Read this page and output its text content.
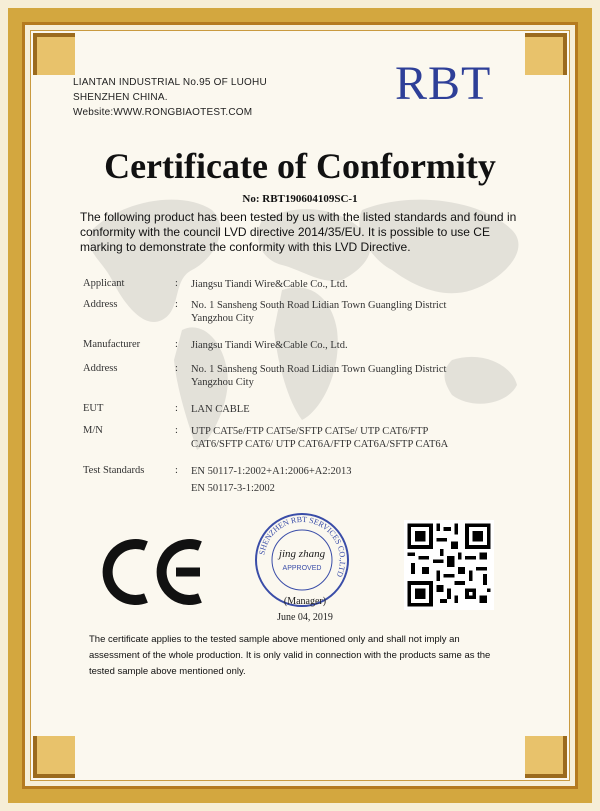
LIANTAN INDUSTRIAL No.95 OF LUOHU
SHENZHEN CHINA.
Website:WWW.RONGBIAOTEST.COM
RBT
Certificate of Conformity
No: RBT190604109SC-1
The following product has been tested by us with the listed standards and found in conformity with the council LVD directive 2014/35/EU. It is possible to use CE marking to demonstrate the conformity with this LVD Directive.
Applicant	: Jiangsu Tiandi Wire&Cable Co., Ltd.
Address	: No. 1 Sansheng South Road Lidian Town Guangling District
Yangzhou City
Manufacturer	: Jiangsu Tiandi Wire&Cable Co., Ltd.
Address	: No. 1 Sansheng South Road Lidian Town Guangling District
Yangzhou City
EUT	: LAN CABLE
M/N	: UTP CAT5e/FTP CAT5e/SFTP CAT5e/ UTP CAT6/FTP
CAT6/SFTP CAT6/ UTP CAT6A/FTP CAT6A/SFTP CAT6A
Test Standards	: EN 50117-1:2002+A1:2006+A2:2013
EN 50117-3-1:2002
SHENZHEN RBT SERVICES CO.,LTD
jing zhang
APPROVED
(Manager)
June 04, 2019
The certificate applies to the tested sample above mentioned only and shall not imply an assessment of the whole production. It is only valid in connection with the products same as the tested sample above mentioned only.
